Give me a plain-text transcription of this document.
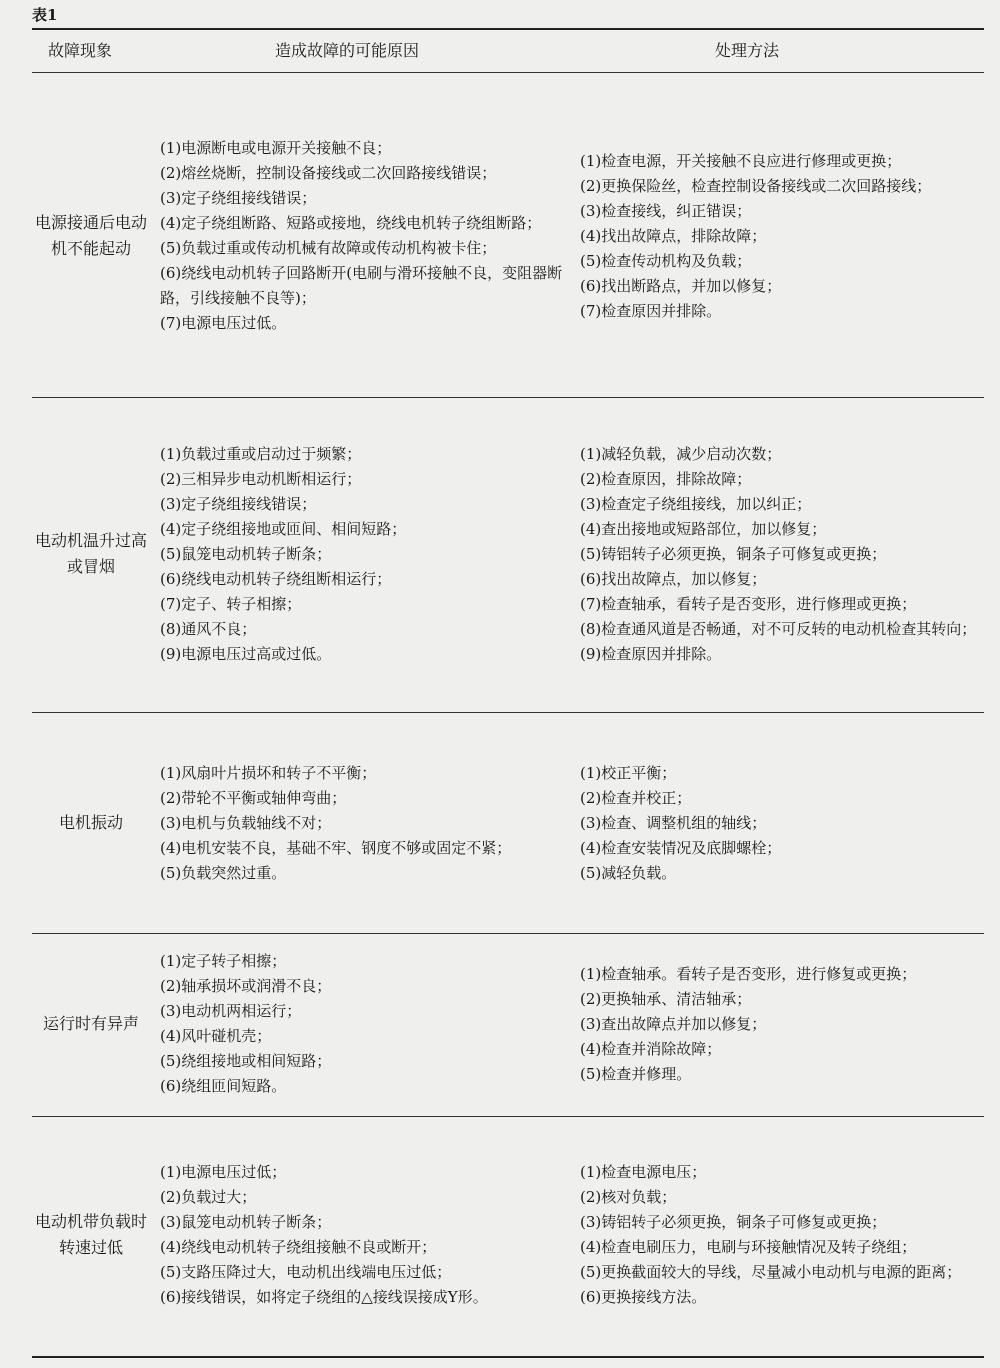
表1
故障现象	造成故障的可能原因	处理方法
电源接通后电动机不能起动
(1)电源断电或电源开关接触不良；
(2)熔丝烧断，控制设备接线或二次回路接线错误；
(3)定子绕组接线错误；
(4)定子绕组断路、短路或接地，绕线电机转子绕组断路；
(5)负载过重或传动机械有故障或传动机构被卡住；
(6)绕线电动机转子回路断开(电刷与滑环接触不良，变阻器断路，引线接触不良等)；
(7)电源电压过低。
(1)检查电源，开关接触不良应进行修理或更换；
(2)更换保险丝，检查控制设备接线或二次回路接线；
(3)检查接线，纠正错误；
(4)找出故障点，排除故障；
(5)检查传动机构及负载；
(6)找出断路点，并加以修复；
(7)检查原因并排除。
电动机温升过高或冒烟
(1)负载过重或启动过于频繁；
(2)三相异步电动机断相运行；
(3)定子绕组接线错误；
(4)定子绕组接地或匝间、相间短路；
(5)鼠笼电动机转子断条；
(6)绕线电动机转子绕组断相运行；
(7)定子、转子相擦；
(8)通风不良；
(9)电源电压过高或过低。
(1)减轻负载，减少启动次数；
(2)检查原因，排除故障；
(3)检查定子绕组接线，加以纠正；
(4)查出接地或短路部位，加以修复；
(5)铸铝转子必须更换，铜条子可修复或更换；
(6)找出故障点，加以修复；
(7)检查轴承，看转子是否变形，进行修理或更换；
(8)检查通风道是否畅通，对不可反转的电动机检查其转向；
(9)检查原因并排除。
电机振动
(1)风扇叶片损坏和转子不平衡；
(2)带轮不平衡或轴伸弯曲；
(3)电机与负载轴线不对；
(4)电机安装不良，基础不牢、钢度不够或固定不紧；
(5)负载突然过重。
(1)校正平衡；
(2)检查并校正；
(3)检查、调整机组的轴线；
(4)检查安装情况及底脚螺栓；
(5)减轻负载。
运行时有异声
(1)定子转子相擦；
(2)轴承损坏或润滑不良；
(3)电动机两相运行；
(4)风叶碰机壳；
(5)绕组接地或相间短路；
(6)绕组匝间短路。
(1)检查轴承。看转子是否变形，进行修复或更换；
(2)更换轴承、清洁轴承；
(3)查出故障点并加以修复；
(4)检查并消除故障；
(5)检查并修理。
电动机带负载时转速过低
(1)电源电压过低；
(2)负载过大；
(3)鼠笼电动机转子断条；
(4)绕线电动机转子绕组接触不良或断开；
(5)支路压降过大，电动机出线端电压过低；
(6)接线错误，如将定子绕组的△接线误接成Y形。
(1)检查电源电压；
(2)核对负载；
(3)铸铝转子必须更换，铜条子可修复或更换；
(4)检查电刷压力，电刷与环接触情况及转子绕组；
(5)更换截面较大的导线，尽量减小电动机与电源的距离；
(6)更换接线方法。
